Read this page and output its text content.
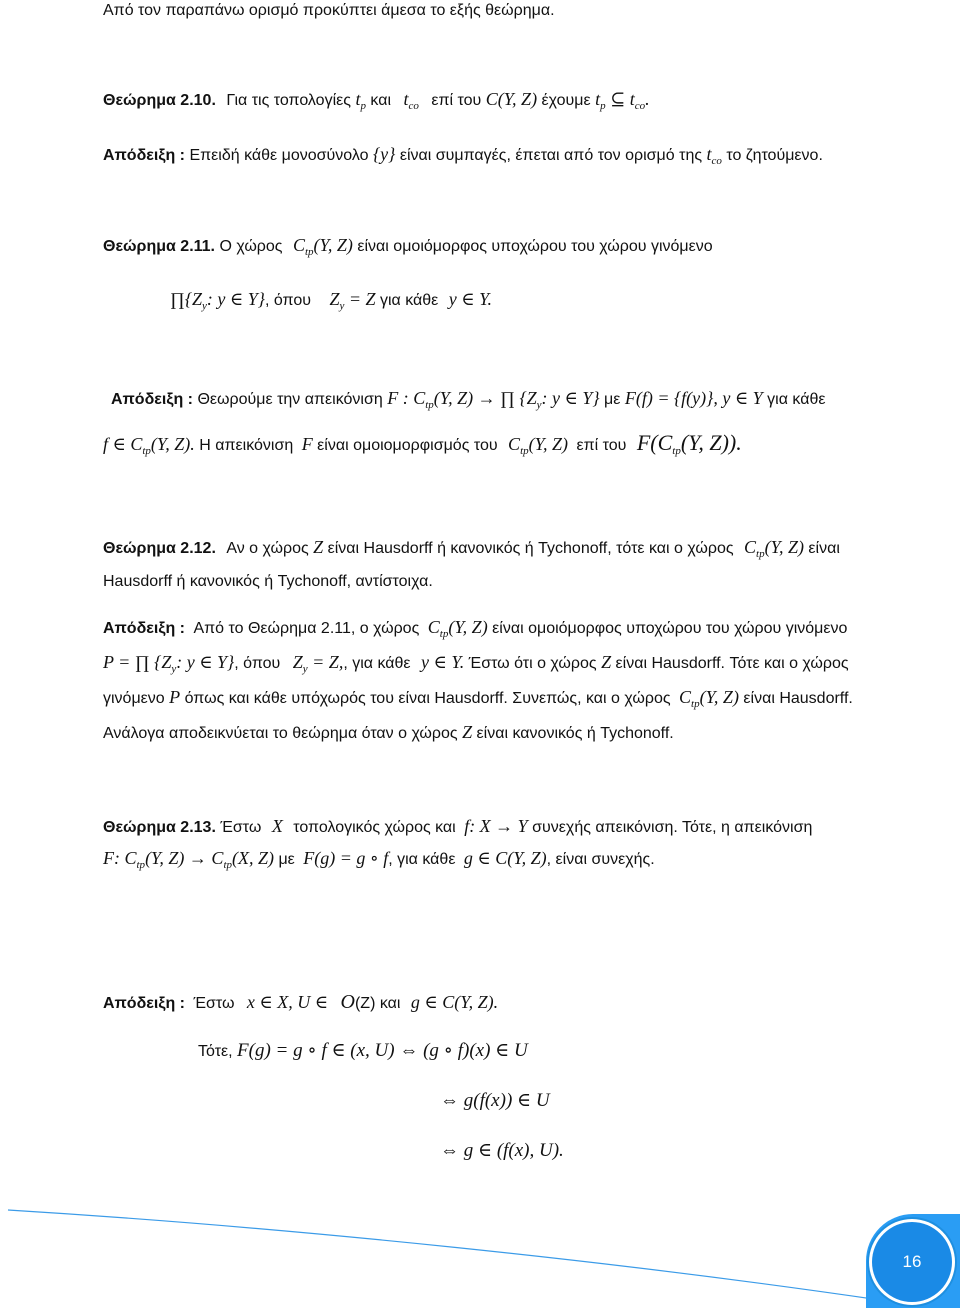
Από τον παραπάνω ορισμό προκύπτει άμεσα το εξής θεώρημα.
Θεώρημα 2.10. Για τις τοπολογίες $t_p$ και $t_{co}$ επί του C(Y, Z) έχουμε $t_p$ ⊆ $t_{co}$.
Απόδειξη : Επειδή κάθε μονοσύνολο {y} είναι συμπαγές, έπεται από τον ορισμό της $t_{co}$ το ζητούμενο.
Θεώρημα 2.11. Ο χώρος $C_{tp}(Y$, Z) είναι ομοιόμορφος υποχώρου του χώρου γινόμενο
$\prod\{Z_y$: y ∈ Y}, όπου $Z_y = Z$ για κάθε y ∈ Y.
Απόδειξη : Θεωρούμε την απεικόνιση F : $C_{tp}(Y$, Z) → ∏ {$Z_y$: y ∈ Y} με F(f) = {f(y)}, y ∈ Y για κάθε
f ∈ $C_{tp}(Y$, Z). Η απεικόνιση F είναι ομοιομορφισμός του $C_{tp}(Y$, Z) επί του $F(C_{tp}(Y$, Z)).
Θεώρημα 2.12. Αν ο χώρος Z είναι Hausdorff ή κανονικός ή Tychonoff, τότε και ο χώρος $C_{tp}(Y$, Z) είναι
Hausdorff ή κανονικός ή Tychonoff, αντίστοιχα.
Απόδειξη : Από το Θεώρημα 2.11, ο χώρος $C_{tp}(Y$, Z) είναι ομοιόμορφος υποχώρου του χώρου γινόμενο
P = ∏ {$Z_y$: y ∈ Y}, όπου $Z_y = Z$,, για κάθε y ∈ Y. Έστω ότι ο χώρος Z είναι Hausdorff. Τότε και ο χώρος
γινόμενο P όπως και κάθε υπόχωρός του είναι Hausdorff. Συνεπώς, και ο χώρος $C_{tp}(Y$, Z) είναι Hausdorff.
Ανάλογα αποδεικνύεται το θεώρημα όταν ο χώρος Z είναι κανονικός ή Tychonoff.
Θεώρημα 2.13. Έστω X τοπολογικός χώρος και f: X → Y συνεχής απεικόνιση. Τότε, η απεικόνιση
F: $C_{tp}(Y$, $Z) \to C_{tp}(X$, Z) με F(g) = g ∘ f, για κάθε g ∈ C(Y, Z), είναι συνεχής.
Απόδειξη : Έστω x ∈ X, U ∈ O(Z) και g ∈ C(Y, Z).
Τότε, F(g) = g ∘ f ∈ (x, U) ⇔ (g ∘ f)(x) ∈ U
⇔ g(f(x)) ∈ U
⇔ g ∈ (f(x), U).
16
